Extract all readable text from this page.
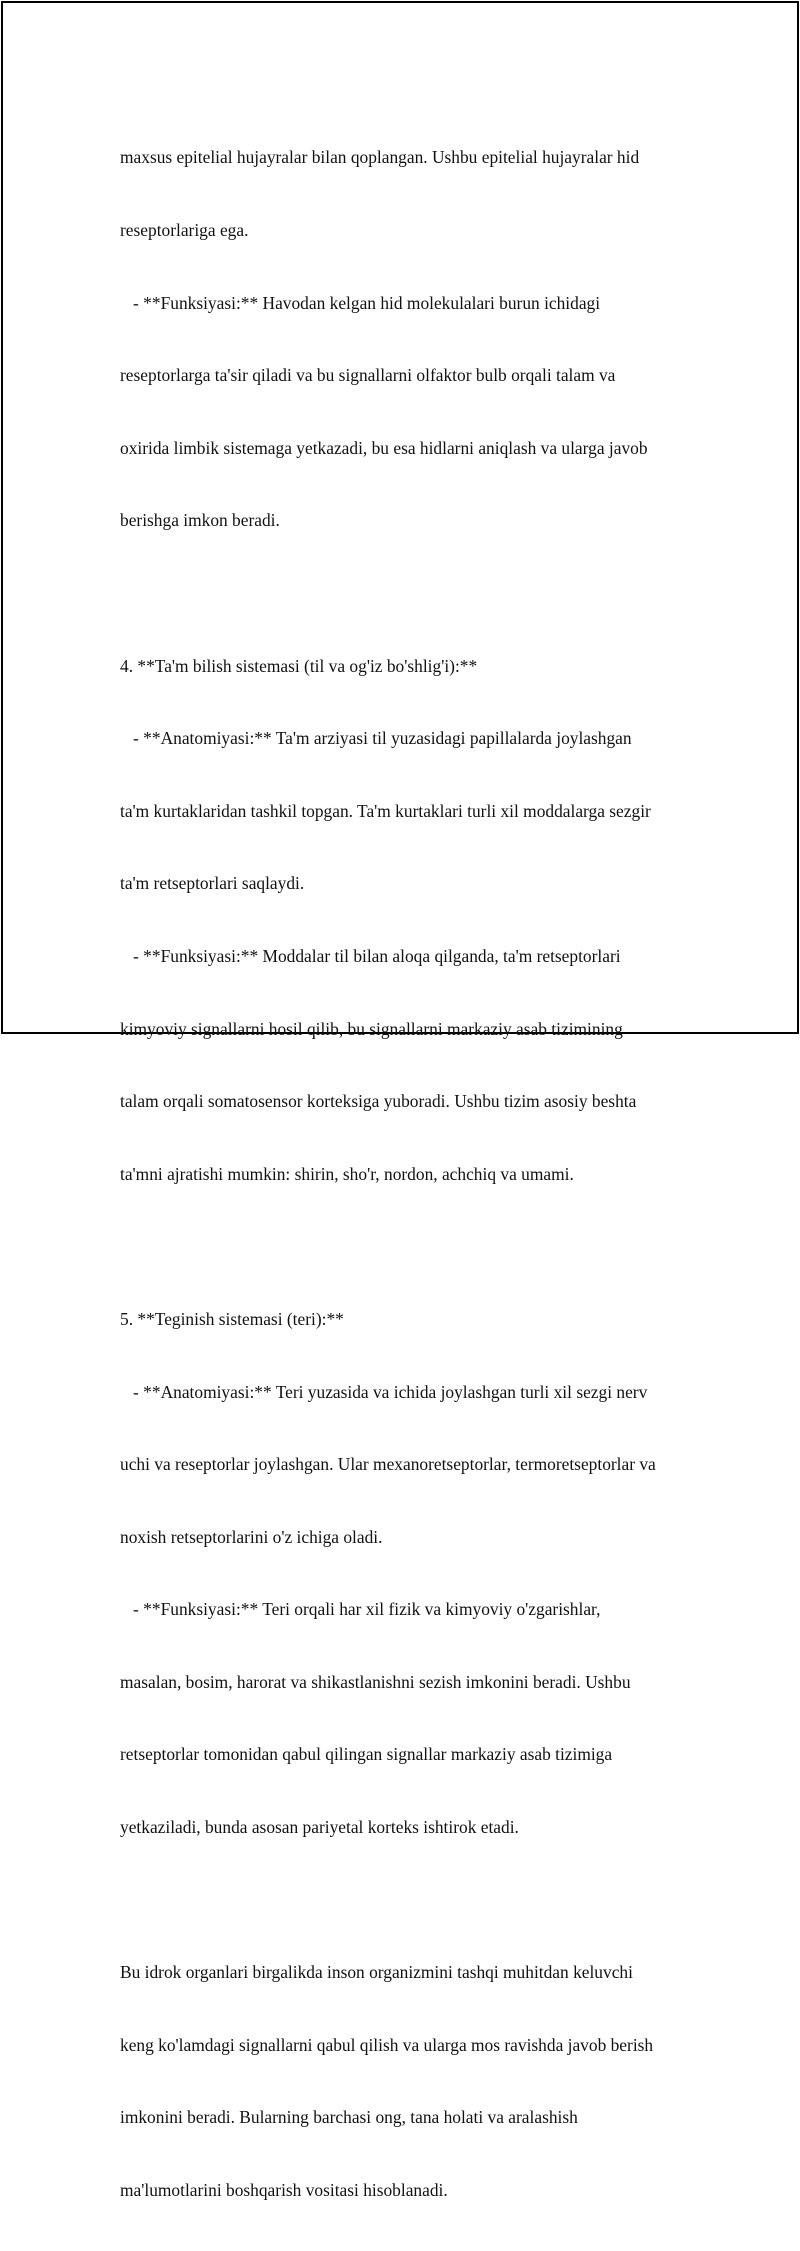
maxsus epitelial hujayralar bilan qoplangan. Ushbu epitelial hujayralar hid

reseptorlariga ega.

- **Funksiyasi:** Havodan kelgan hid molekulalari burun ichidagi

reseptorlarga ta'sir qiladi va bu signallarni olfaktor bulb orqali talam va

oxirida limbik sistemaga yetkazadi, bu esa hidlarni aniqlash va ularga javob

berishga imkon beradi.

4. **Ta'm bilish sistemasi (til va og'iz bo'shlig'i):**

- **Anatomiyasi:** Ta'm arziyasi til yuzasidagi papillalarda joylashgan

ta'm kurtaklaridan tashkil topgan. Ta'm kurtaklari turli xil moddalarga sezgir

ta'm retseptorlari saqlaydi.

- **Funksiyasi:** Moddalar til bilan aloqa qilganda, ta'm retseptorlari

kimyoviy signallarni hosil qilib, bu signallarni markaziy asab tizimining

talam orqali somatosensor korteksiga yuboradi. Ushbu tizim asosiy beshta

ta'mni ajratishi mumkin: shirin, sho'r, nordon, achchiq va umami.

5. **Teginish sistemasi (teri):**

- **Anatomiyasi:** Teri yuzasida va ichida joylashgan turli xil sezgi nerv

uchi va reseptorlar joylashgan. Ular mexanoretseptorlar, termoretseptorlar va

noxish retseptorlarini o'z ichiga oladi.

- **Funksiyasi:** Teri orqali har xil fizik va kimyoviy o'zgarishlar,

masalan, bosim, harorat va shikastlanishni sezish imkonini beradi. Ushbu

retseptorlar tomonidan qabul qilingan signallar markaziy asab tizimiga

yetkaziladi, bunda asosan pariyetal korteks ishtirok etadi.

Bu idrok organlari birgalikda inson organizmini tashqi muhitdan keluvchi

keng ko'lamdagi signallarni qabul qilish va ularga mos ravishda javob berish

imkonini beradi. Bularning barchasi ong, tana holati va aralashish

ma'lumotlarini boshqarish vositasi hisoblanadi.
